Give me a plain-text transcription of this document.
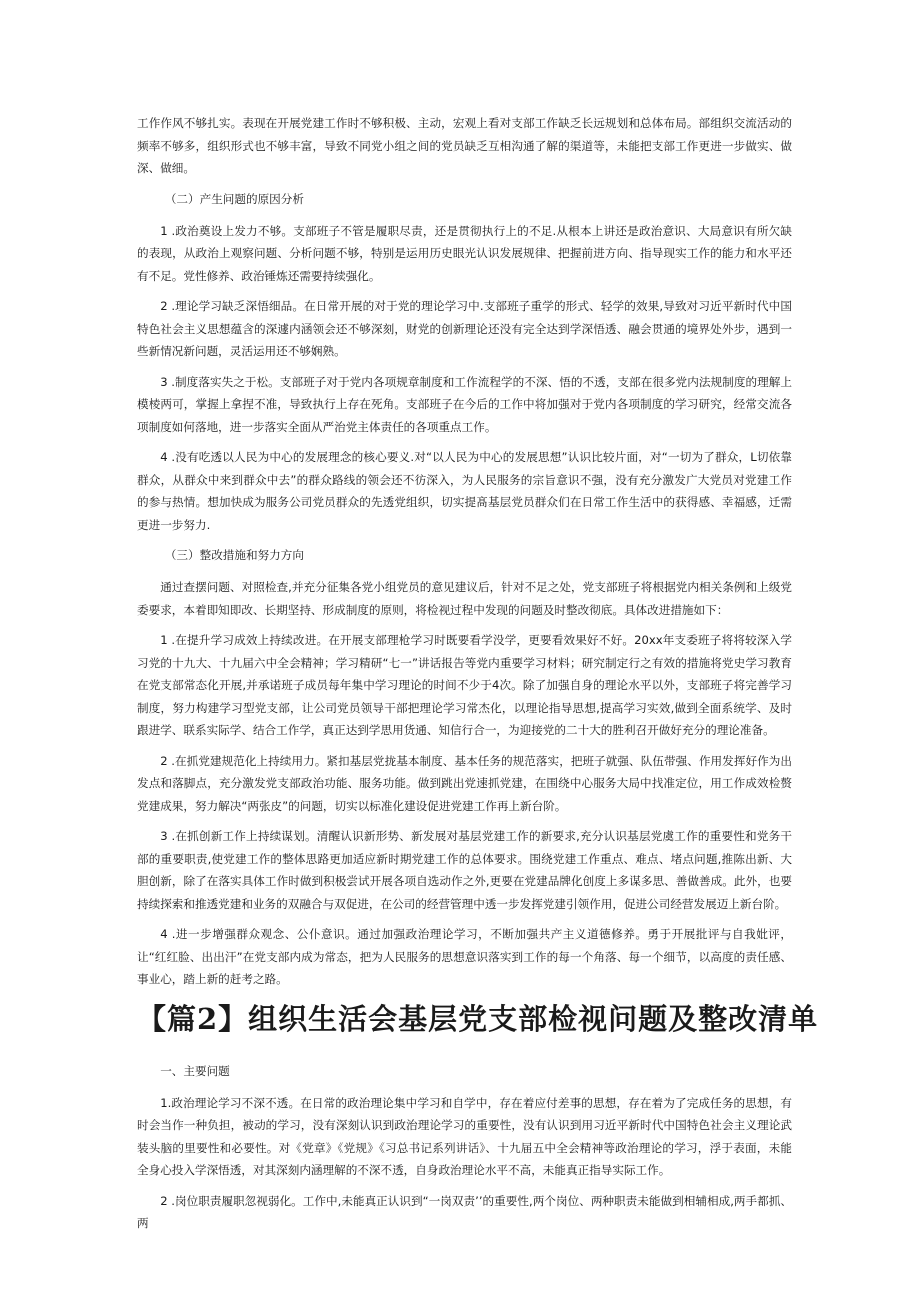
工作作风不够扎实。表现在开展党建工作时不够积极、主动，宏观上看对支部工作缺乏长远规划和总体布局。部组织交流活动的频率不够多，组织形式也不够丰富，导致不同党小组之间的党员缺乏互相沟通了解的渠道等，未能把支部工作更进一步做实、做深、做细。

（二）产生问题的原因分析

1 .政治奠设上发力不够。支部班子不管是履职尽责，还是贯彻执行上的不足.从根本上讲还是政治意识、大局意识有所欠缺的表现，从政治上观察问题、分析问题不够，特别是运用历史眼光认识发展规律、把握前进方向、指导现实工作的能力和水平还有不足。党性修养、政治锤炼还需要持续强化。

2 .理论学习缺乏深悟细品。在日常开展的对于党的理论学习中.支部班子重学的形式、轻学的效果,导致对习近平新时代中国特色社会主义思想蕴含的深遽内涵领会还不够深刻，财党的创新理论还没有完全达到学深悟透、融会贯通的境界处外步，遇到一些新情况新问题，灵活运用还不够娴熟。

3 .制度落实失之于松。支部班子对于党内各项规章制度和工作流程学的不深、悟的不透，支部在很多党内法规制度的理解上模棱两可，掌握上拿捏不准，导致执行上存在死角。支部班子在今后的工作中将加强对于党内各项制度的学习研究，经常交流各项制度如何落地，进一步落实全面从严治党主体责任的各项重点工作。

4 .没有吃透以人民为中心的发展理念的核心要义.对“以人民为中心的发展思想”认识比较片面，对“一切为了群众，L切依靠群众，从群众中来到群众中去”的群众路线的领会还不彷深入，为人民服务的宗旨意识不强，没有充分激发广大党员对党建工作的参与热情。想加快成为服务公司党员群众的先透党组织，切实提髙基层党员群众们在日常工作生活中的获得感、幸福感，迁需更进一步努力.

（三）整改措施和努力方向

通过查摆问题、对照检查,并充分征集各党小组党员的意见建议后，针对不足之处，党支部班子将根据党内相关条例和上级党委要求，本着即知即改、长期坚持、形成制度的原则，将检视过程中发现的问题及时整改彻底。具体改进措施如下：

1 .在提升学习成效上持续改进。在开展支部理枪学习时既要看学没学，更要看效果好不好。20xx年支委班子将将较深入学习党的十九大、十九届六中全会精神；学习精研“七一”讲话报告等党内重要学习材料；研究制定行之有效的措施将党史学习教育在党支部常态化开展,并承诺班子成员每年集中学习理论的时间不少于4次。除了加强自身的理论水平以外，支部班子将完善学习制度，努力构建学习型党支部，让公司党员领导干部把理论学习常杰化，以理论指导思想,提高学习实效,做到全面系统学、及时跟进学、联系实际学、结合工作学，真正达到学思用货通、知信行合一，为迎接党的二十大的胜利召开做好充分的理论准备。

2 .在抓党建规范化上持续用力。紧扣基层党拢基本制度、基本任务的规范落实，把班子就强、队伍带强、作用发挥好作为出发点和落脚点，充分激发党支部政治功能、服务功能。做到跳出党速抓党建，在围绕中心服务大局中找准定位，用工作成效检赘党建成果，努力解决“两张皮”的问题，切实以标准化建设促进党建工作再上新台阶。

3 .在抓创新工作上持续谋划。清醒认识新形势、新发展对基层党建工作的新要求,充分认识基层党虞工作的重要性和党务干部的重要职责,使党建工作的整体思路更加适应新时期党建工作的总体要求。围绕党建工作重点、难点、堵点问题,推陈出新、大胆创新，除了在落实具体工作时做到积极尝试开展各项自选动作之外,更要在党建品牌化创度上多谋多思、善做善成。此外，也要持续探索和推透党建和业务的双融合与双促进，在公司的经营管理中透一步发挥党建引领作用，促进公司经营发展迈上新台阶。

4 .进一步增强群众观念、公仆意识。通过加强政治理论学习，不断加强共产主义道德修养。勇于开展批评与自我妣评，让“红红脸、出出汗”在党支部内成为常态，把为人民服务的思想意识落实到工作的每一个角落、每一个细节，以高度的责任感、事业心，踏上新的赶考之路。

【篇2】组织生活会基层党支部检视问题及整改清单

一、主要问题

1.政治理论学习不深不透。在日常的政治理论集中学习和自学中，存在着应付差事的思想，存在着为了完成任务的思想，有时会当作一种负担，被动的学习，没有深刻认识到政治理论学习的重要性，没有认识到用习近平新时代中国特色社会主义理论武装头脑的里要性和必要性。对《党章》《党规》《习总书记系列讲话》、十九届五中全会精神等政治理论的学习，浮于表面，未能全身心投入学深悟透，对其深刻内涵理解的不深不透，自身政治理论水平不高，未能真正指导实际工作。

2 .岗位职责履职忽视弱化。工作中,未能真正认识到“一岗双责’’的重要性,两个岗位、两种职责未能做到相辅相成,两手都抓、两
